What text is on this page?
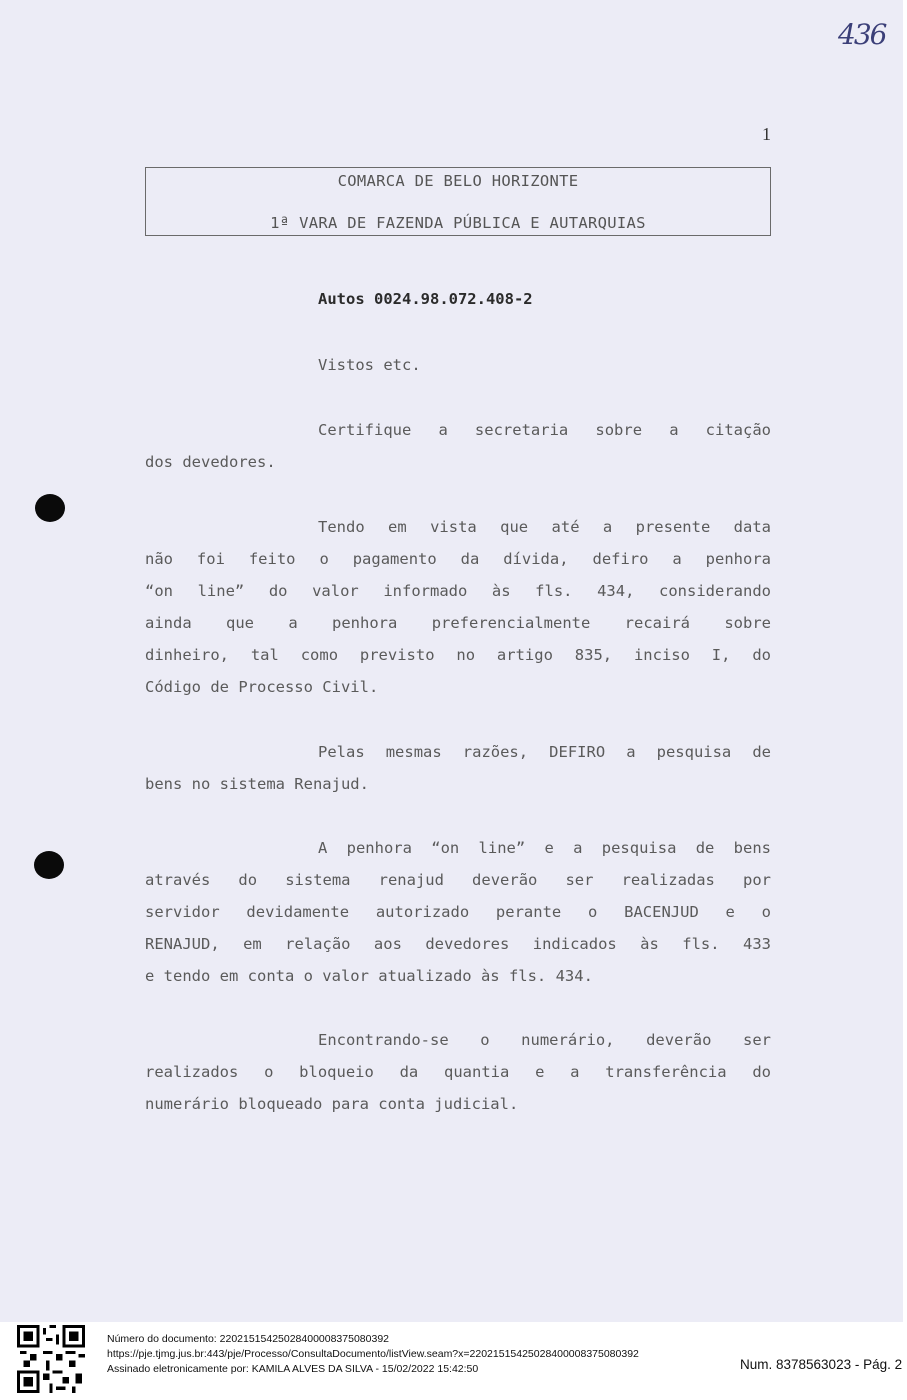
436
1
COMARCA DE BELO HORIZONTE
1ª VARA DE FAZENDA PÚBLICA E AUTARQUIAS
Autos 0024.98.072.408-2
Vistos etc.
Certifique a secretaria sobre a citação
dos devedores.
Tendo em vista que até a presente data
não foi feito o pagamento da dívida, defiro a penhora
“on line” do valor informado às fls. 434, considerando
ainda que a penhora preferencialmente recairá sobre
dinheiro, tal como previsto no artigo 835, inciso I, do
Código de Processo Civil.
Pelas mesmas razões, DEFIRO a pesquisa de
bens no sistema Renajud.
A penhora “on line” e a pesquisa de bens
através do sistema renajud deverão ser realizadas por
servidor devidamente autorizado perante o BACENJUD e o
RENAJUD, em relação aos devedores indicados às fls. 433
e tendo em conta o valor atualizado às fls. 434.
Encontrando-se o numerário, deverão ser
realizados o bloqueio da quantia e a transferência do
numerário bloqueado para conta judicial.
Número do documento: 22021515425028400008375080392
https://pje.tjmg.jus.br:443/pje/Processo/ConsultaDocumento/listView.seam?x=22021515425028400008375080392
Assinado eletronicamente por: KAMILA ALVES DA SILVA - 15/02/2022 15:42:50	Num. 8378563023 - Pág. 2
